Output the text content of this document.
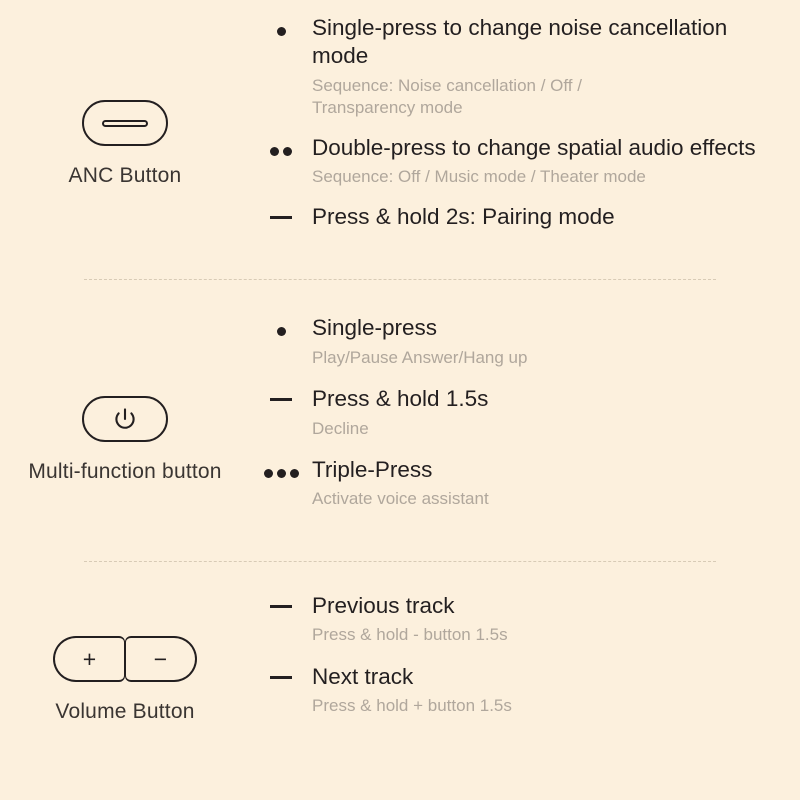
ANC Button
Single-press to change noise cancellation mode
Sequence: Noise cancellation / Off / Transparency mode
Double-press to change spatial audio effects
Sequence: Off / Music mode / Theater mode
Press & hold 2s: Pairing mode
Multi-function button
Single-press
Play/Pause Answer/Hang up
Press & hold 1.5s
Decline
Triple-Press
Activate voice assistant
+	−
Volume Button
Previous track
Press & hold - button 1.5s
Next track
Press & hold + button 1.5s
